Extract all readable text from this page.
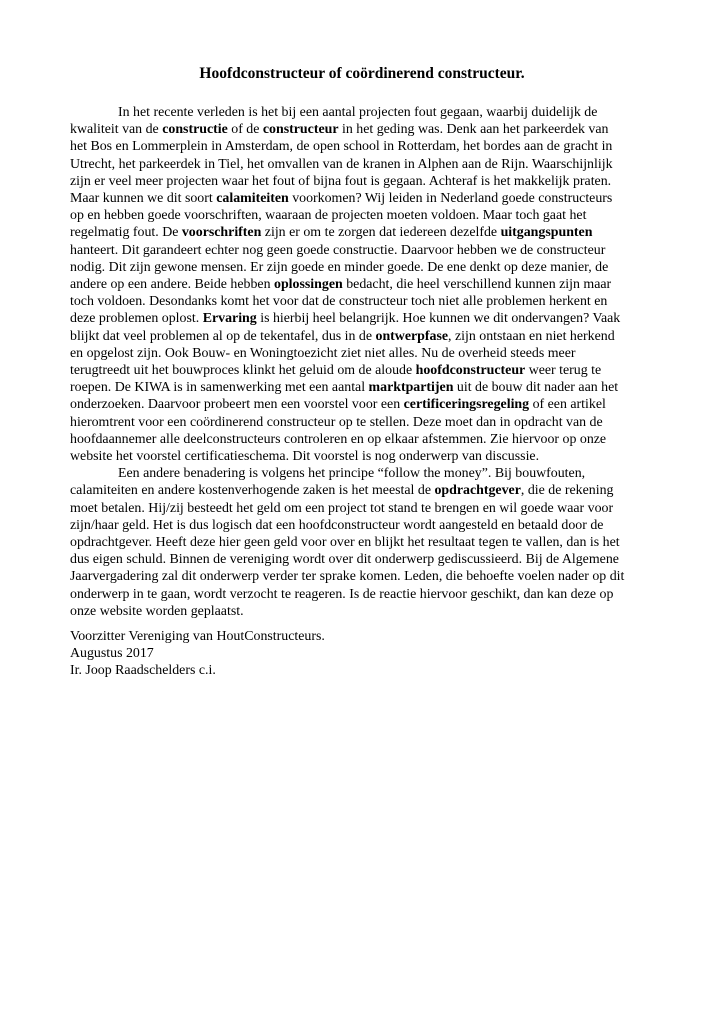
Hoofdconstructeur of coördinerend constructeur.

In het recente verleden is het bij een aantal projecten fout gegaan, waarbij duidelijk de
kwaliteit van de constructie of de constructeur in het geding was. Denk aan het parkeerdek van
het Bos en Lommerplein in Amsterdam, de open school in Rotterdam, het bordes aan de gracht in
Utrecht, het parkeerdek in Tiel, het omvallen van de kranen in Alphen aan de Rijn. Waarschijnlijk
zijn er veel meer projecten waar het fout of bijna fout is gegaan. Achteraf is het makkelijk praten.
Maar kunnen we dit soort calamiteiten voorkomen? Wij leiden in Nederland goede constructeurs
op en hebben goede voorschriften, waaraan de projecten moeten voldoen. Maar toch gaat het
regelmatig fout. De voorschriften zijn er om te zorgen dat iedereen dezelfde uitgangspunten
hanteert. Dit garandeert echter nog geen goede constructie. Daarvoor hebben we de constructeur
nodig. Dit zijn gewone mensen. Er zijn goede en minder goede. De ene denkt op deze manier, de
andere op een andere. Beide hebben oplossingen bedacht, die heel verschillend kunnen zijn maar
toch voldoen. Desondanks komt het voor dat de constructeur toch niet alle problemen herkent en
deze problemen oplost. Ervaring is hierbij heel belangrijk. Hoe kunnen we dit ondervangen? Vaak
blijkt dat veel problemen al op de tekentafel, dus in de ontwerpfase, zijn ontstaan en niet herkend
en opgelost zijn. Ook Bouw- en Woningtoezicht ziet niet alles. Nu de overheid steeds meer
terugtreedt uit het bouwproces klinkt het geluid om de aloude hoofdconstructeur weer terug te
roepen. De KIWA is in samenwerking met een aantal marktpartijen uit de bouw dit nader aan het
onderzoeken. Daarvoor probeert men een voorstel voor een certificeringsregeling of een artikel
hieromtrent voor een coördinerend constructeur op te stellen. Deze moet dan in opdracht van de
hoofdaannemer alle deelconstructeurs controleren en op elkaar afstemmen. Zie hiervoor op onze
website het voorstel certificatieschema. Dit voorstel is nog onderwerp van discussie.

Een andere benadering is volgens het principe “follow the money”. Bij bouwfouten,
calamiteiten en andere kostenverhogende zaken is het meestal de opdrachtgever, die de rekening
moet betalen. Hij/zij besteedt het geld om een project tot stand te brengen en wil goede waar voor
zijn/haar geld. Het is dus logisch dat een hoofdconstructeur wordt aangesteld en betaald door de
opdrachtgever. Heeft deze hier geen geld voor over en blijkt het resultaat tegen te vallen, dan is het
dus eigen schuld. Binnen de vereniging wordt over dit onderwerp gediscussieerd. Bij de Algemene
Jaarvergadering zal dit onderwerp verder ter sprake komen. Leden, die behoefte voelen nader op dit
onderwerp in te gaan, wordt verzocht te reageren. Is de reactie hiervoor geschikt, dan kan deze op
onze website worden geplaatst.

Voorzitter Vereniging van HoutConstructeurs.
Augustus 2017
Ir. Joop Raadschelders c.i.
